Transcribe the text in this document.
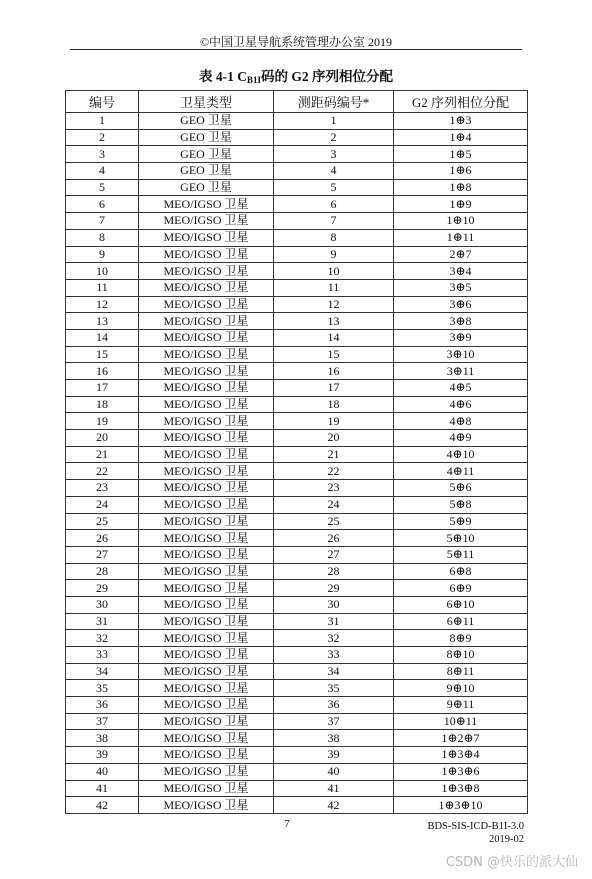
©中国卫星导航系统管理办公室 2019
表 4-1 $C_{B1I}$码的 G2 序列相位分配
编号	卫星类型	测距码编号*	G2 序列相位分配
1	GEO 卫星	1	1⊕3
2	GEO 卫星	2	1⊕4
3	GEO 卫星	3	1⊕5
4	GEO 卫星	4	1⊕6
5	GEO 卫星	5	1⊕8
6	MEO/IGSO 卫星	6	1⊕9
7	MEO/IGSO 卫星	7	1⊕10
8	MEO/IGSO 卫星	8	1⊕11
9	MEO/IGSO 卫星	9	2⊕7
10	MEO/IGSO 卫星	10	3⊕4
11	MEO/IGSO 卫星	11	3⊕5
12	MEO/IGSO 卫星	12	3⊕6
13	MEO/IGSO 卫星	13	3⊕8
14	MEO/IGSO 卫星	14	3⊕9
15	MEO/IGSO 卫星	15	3⊕10
16	MEO/IGSO 卫星	16	3⊕11
17	MEO/IGSO 卫星	17	4⊕5
18	MEO/IGSO 卫星	18	4⊕6
19	MEO/IGSO 卫星	19	4⊕8
20	MEO/IGSO 卫星	20	4⊕9
21	MEO/IGSO 卫星	21	4⊕10
22	MEO/IGSO 卫星	22	4⊕11
23	MEO/IGSO 卫星	23	5⊕6
24	MEO/IGSO 卫星	24	5⊕8
25	MEO/IGSO 卫星	25	5⊕9
26	MEO/IGSO 卫星	26	5⊕10
27	MEO/IGSO 卫星	27	5⊕11
28	MEO/IGSO 卫星	28	6⊕8
29	MEO/IGSO 卫星	29	6⊕9
30	MEO/IGSO 卫星	30	6⊕10
31	MEO/IGSO 卫星	31	6⊕11
32	MEO/IGSO 卫星	32	8⊕9
33	MEO/IGSO 卫星	33	8⊕10
34	MEO/IGSO 卫星	34	8⊕11
35	MEO/IGSO 卫星	35	9⊕10
36	MEO/IGSO 卫星	36	9⊕11
37	MEO/IGSO 卫星	37	10⊕11
38	MEO/IGSO 卫星	38	1⊕2⊕7
39	MEO/IGSO 卫星	39	1⊕3⊕4
40	MEO/IGSO 卫星	40	1⊕3⊕6
41	MEO/IGSO 卫星	41	1⊕3⊕8
42	MEO/IGSO 卫星	42	1⊕3⊕10
7	BDS-SIS-ICD-B1I-3.0
2019-02
CSDN @快乐的派大仙
